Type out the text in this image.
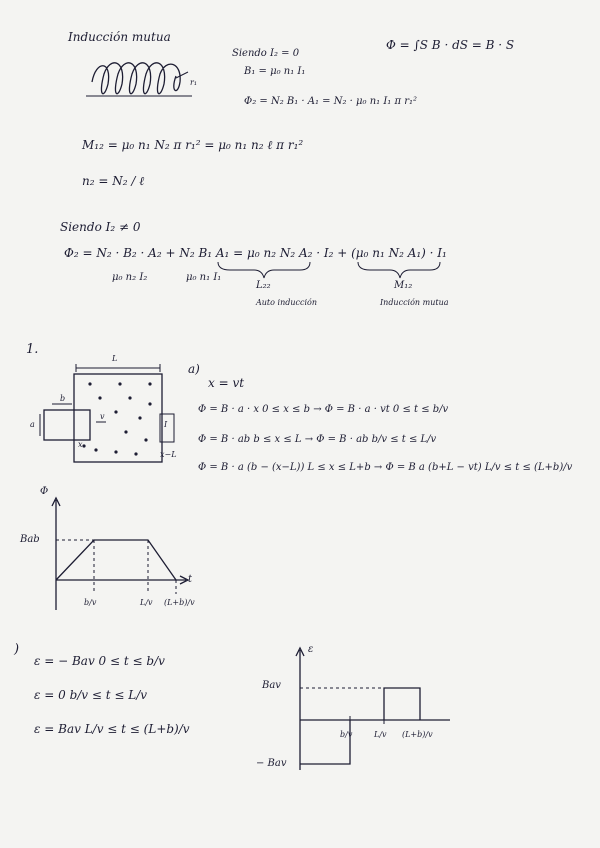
Inducción mutua
Φ = ∫S B · dS = B · S
Siendo I₂ = 0
B₁ = μ₀ n₁ I₁
Φ₂ = N₂ B₁ · A₁ = N₂ · μ₀ n₁ I₁ π r₁²
r₁
M₁₂ = μ₀ n₁ N₂ π r₁² = μ₀ n₁ n₂ ℓ π r₁²
n₂ = N₂ / ℓ
Siendo I₂ ≠ 0
Φ₂ = N₂ · B₂ · A₂ + N₂ B₁ A₁ = μ₀ n₂ N₂ A₂ · I₂ + (μ₀ n₁ N₂ A₁) · I₁
μ₀ n₂ I₂	μ₀ n₁ I₁
L₂₂
Auto inducción
M₁₂
Inducción mutua
1.
L
b
a
v
x
x−L
I
a)
x = vt
Φ = B · a · x 0 ≤ x ≤ b → Φ = B · a · vt 0 ≤ t ≤ b/v
Φ = B · ab b ≤ x ≤ L → Φ = B · ab b/v ≤ t ≤ L/v
Φ = B · a (b − (x−L)) L ≤ x ≤ L+b → Φ = B a (b+L − vt) L/v ≤ t ≤ (L+b)/v
Φ
t
Bab
b/v	L/v (L+b)/v
)
ε = − Bav 0 ≤ t ≤ b/v
ε = 0 b/v ≤ t ≤ L/v
ε = Bav L/v ≤ t ≤ (L+b)/v
ε
Bav
− Bav
b/v	L/v (L+b)/v
